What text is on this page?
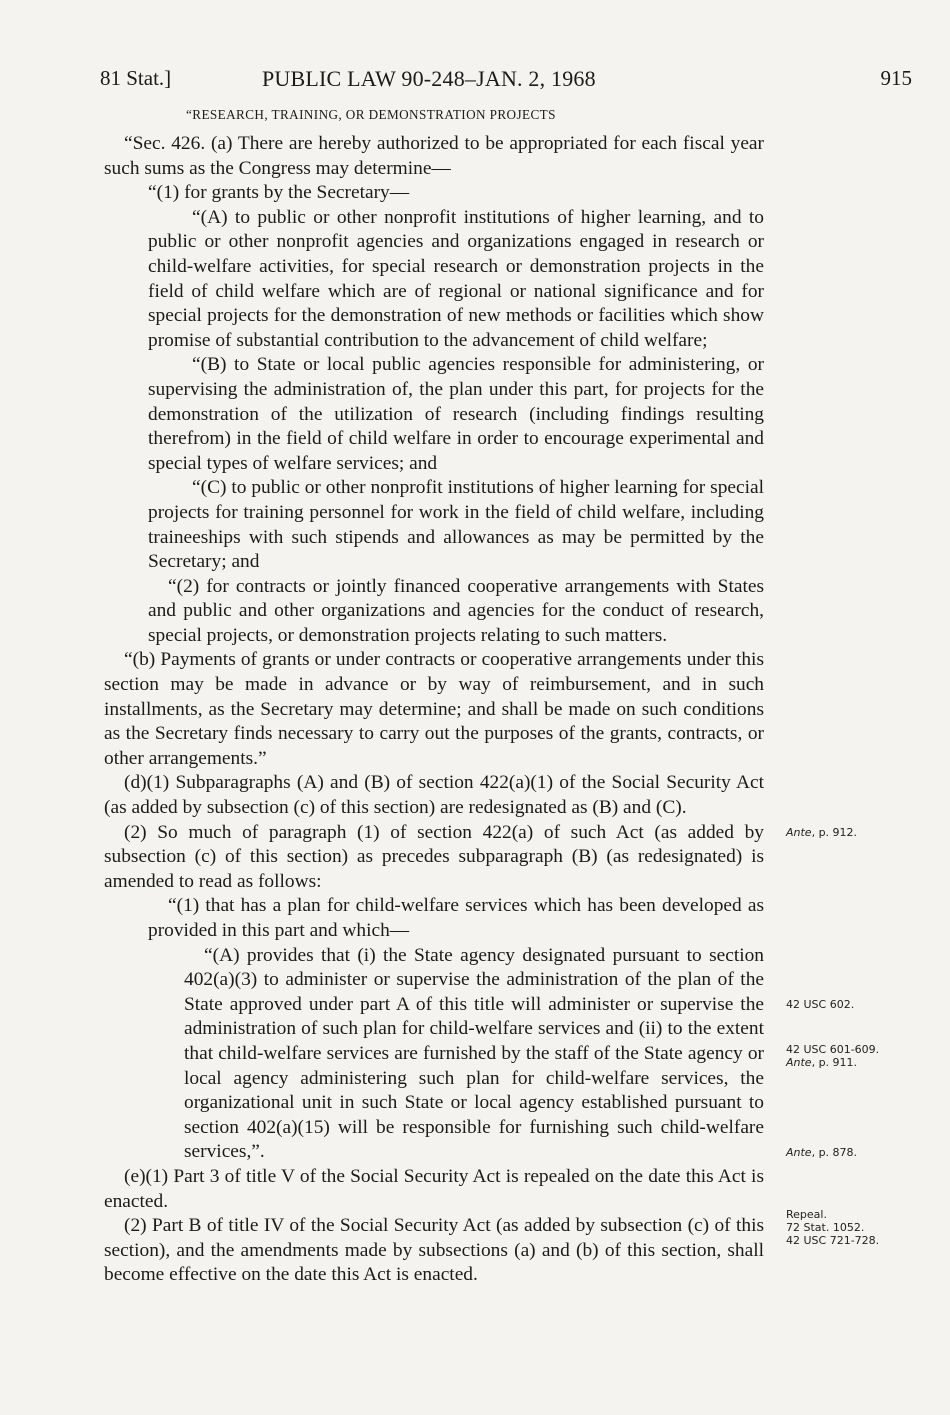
81 Stat.]	PUBLIC LAW 90-248–JAN. 2, 1968	915
“RESEARCH, TRAINING, OR DEMONSTRATION PROJECTS

“Sec. 426. (a) There are hereby authorized to be appropriated for each fiscal year such sums as the Congress may determine—

“(1) for grants by the Secretary—

“(A) to public or other nonprofit institutions of higher learning, and to public or other nonprofit agencies and organizations engaged in research or child-welfare activities, for special research or demonstration projects in the field of child welfare which are of regional or national significance and for special projects for the demonstration of new methods or facilities which show promise of substantial contribution to the advancement of child welfare;

“(B) to State or local public agencies responsible for administering, or supervising the administration of, the plan under this part, for projects for the demonstration of the utilization of research (including findings resulting therefrom) in the field of child welfare in order to encourage experimental and special types of welfare services; and

“(C) to public or other nonprofit institutions of higher learning for special projects for training personnel for work in the field of child welfare, including traineeships with such stipends and allowances as may be permitted by the Secretary; and

“(2) for contracts or jointly financed cooperative arrangements with States and public and other organizations and agencies for the conduct of research, special projects, or demonstration projects relating to such matters.

“(b) Payments of grants or under contracts or cooperative arrangements under this section may be made in advance or by way of reimbursement, and in such installments, as the Secretary may determine; and shall be made on such conditions as the Secretary finds necessary to carry out the purposes of the grants, contracts, or other arrangements.”

(d)(1) Subparagraphs (A) and (B) of section 422(a)(1) of the Social Security Act (as added by subsection (c) of this section) are redesignated as (B) and (C).

(2) So much of paragraph (1) of section 422(a) of such Act (as added by subsection (c) of this section) as precedes subparagraph (B) (as redesignated) is amended to read as follows:

“(1) that has a plan for child-welfare services which has been developed as provided in this part and which—

“(A) provides that (i) the State agency designated pursuant to section 402(a)(3) to administer or supervise the administration of the plan of the State approved under part A of this title will administer or supervise the administration of such plan for child-welfare services and (ii) to the extent that child-welfare services are furnished by the staff of the State agency or local agency administering such plan for child-welfare services, the organizational unit in such State or local agency established pursuant to section 402(a)(15) will be responsible for furnishing such child-welfare services,”.

(e)(1) Part 3 of title V of the Social Security Act is repealed on the date this Act is enacted.

(2) Part B of title IV of the Social Security Act (as added by subsection (c) of this section), and the amendments made by subsections (a) and (b) of this section, shall become effective on the date this Act is enacted.

Ante, p. 912.
42 USC 602.
42 USC 601-609.
Ante, p. 911.
Ante, p. 878.
Repeal.
72 Stat. 1052.
42 USC 721-728.
